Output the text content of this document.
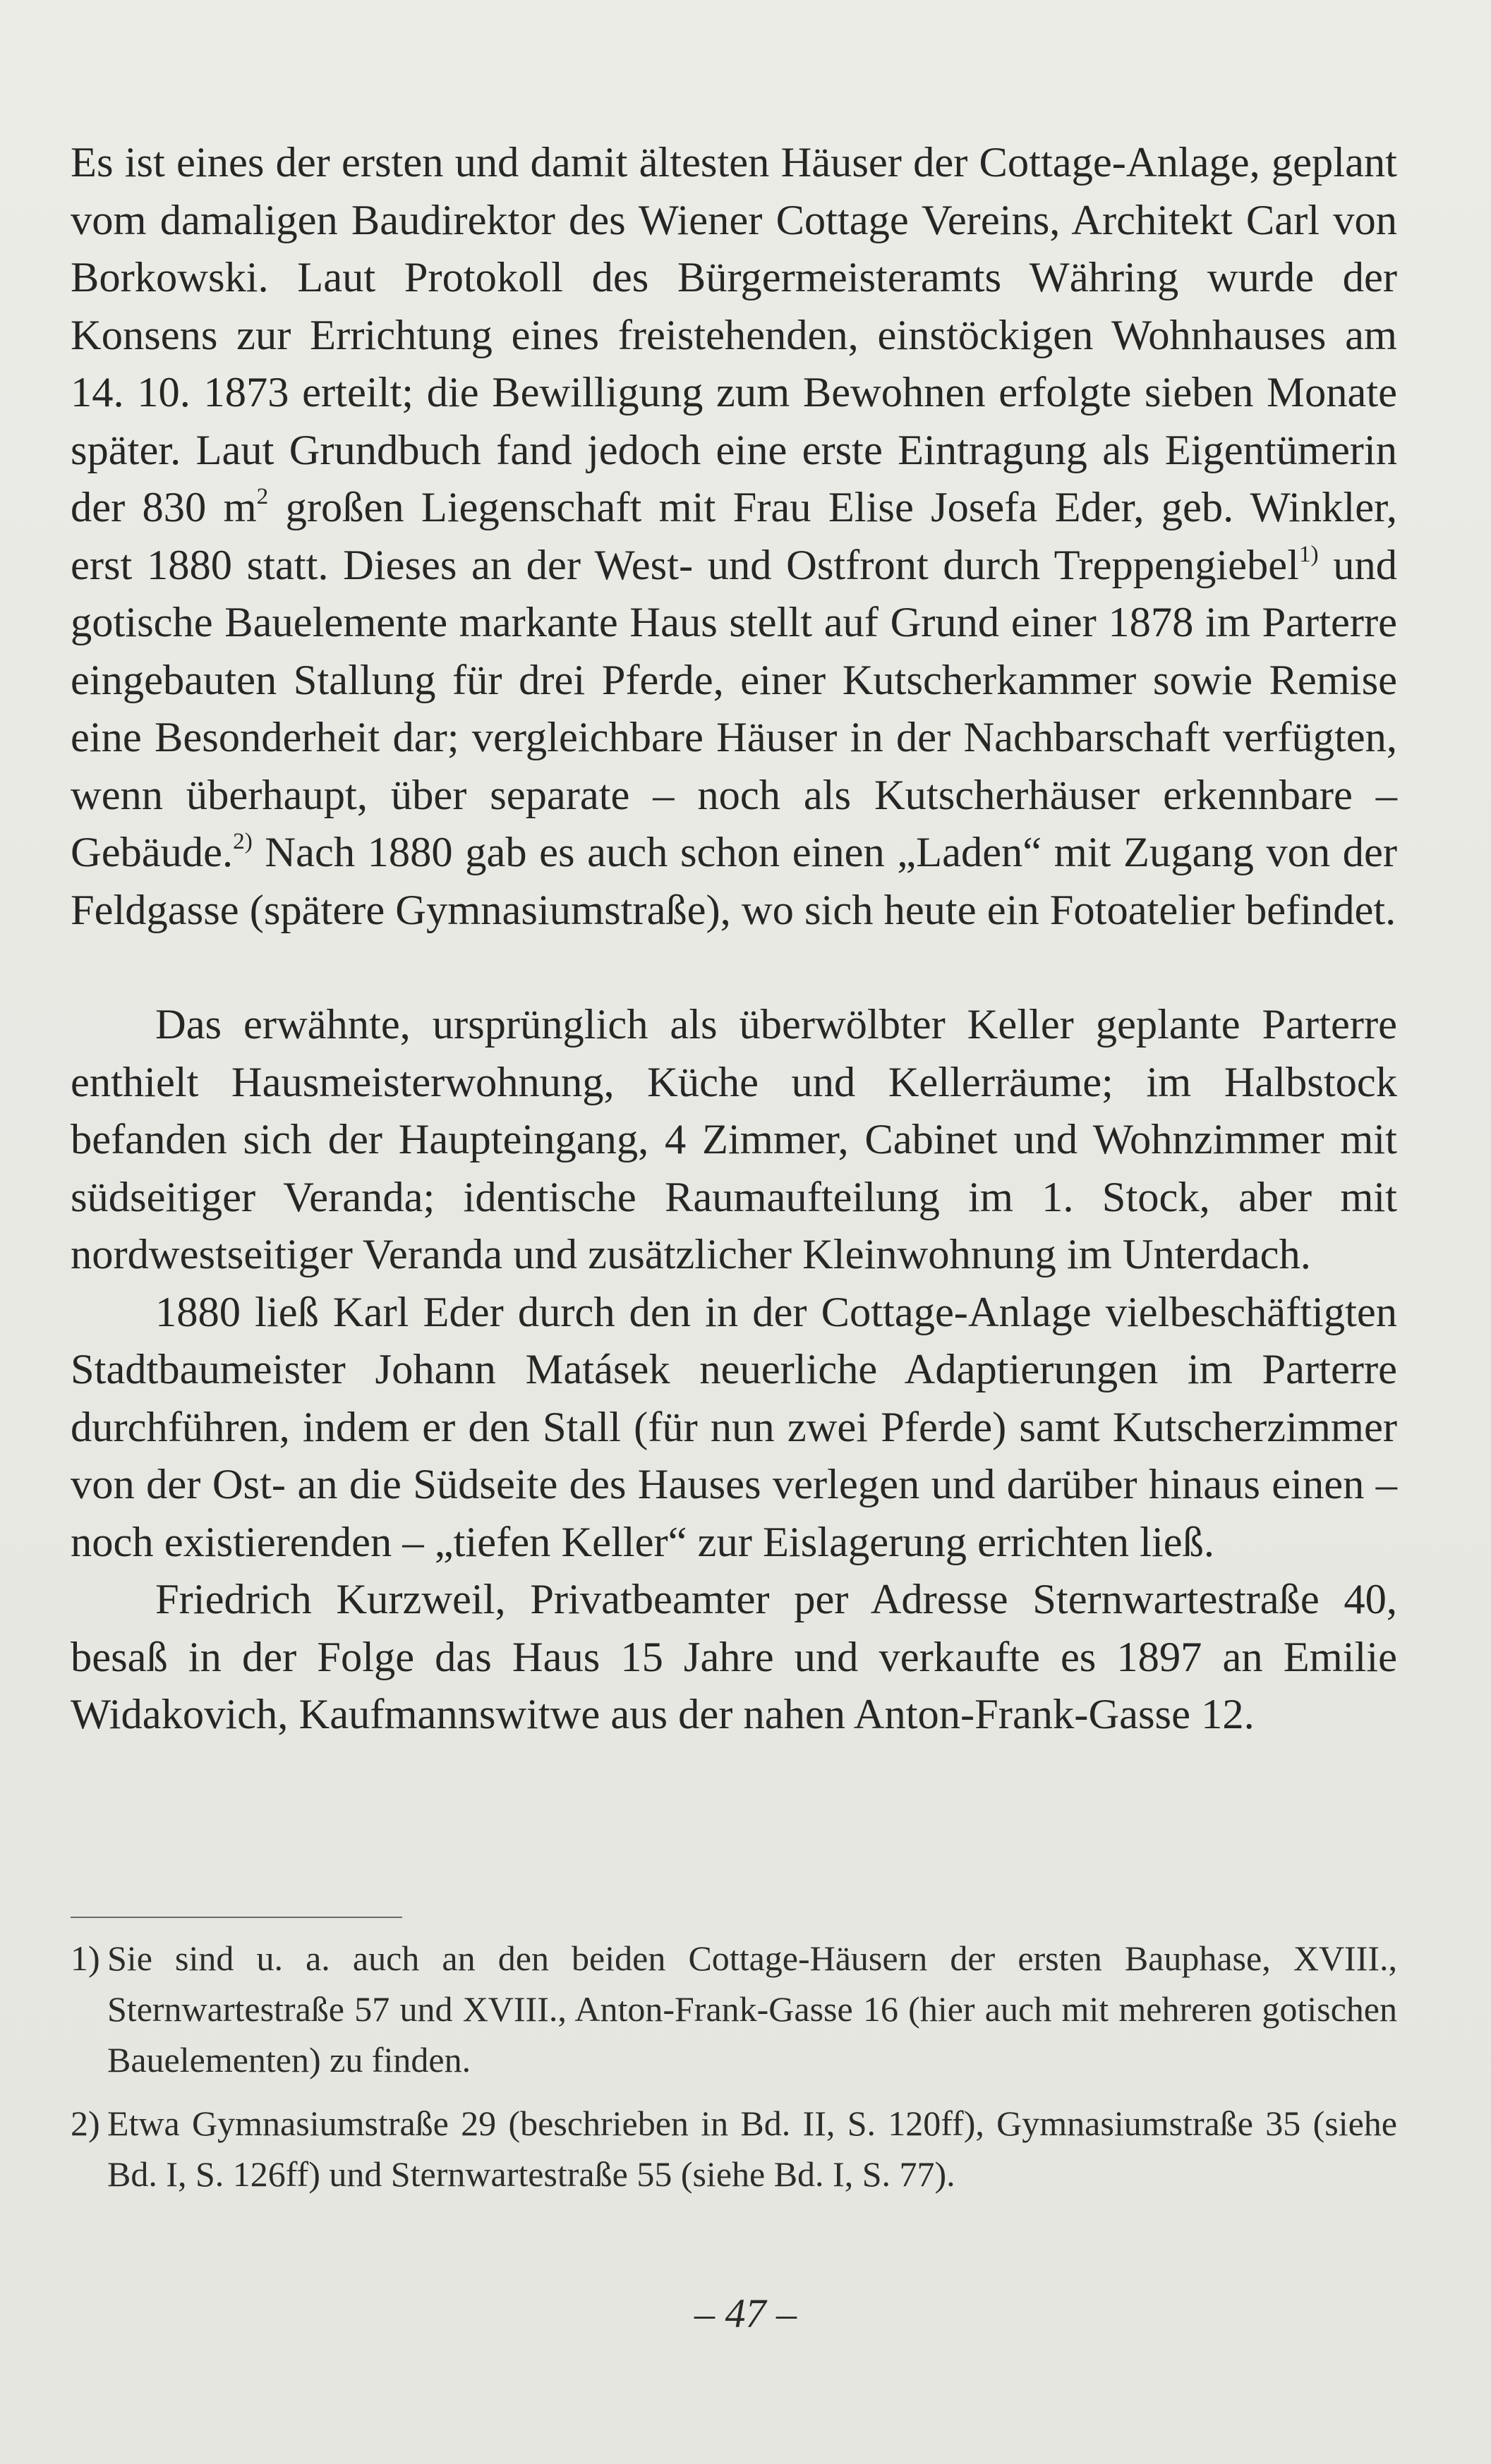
Es ist eines der ersten und damit ältesten Häuser der Cottage-Anlage, geplant vom damaligen Baudirektor des Wiener Cottage Vereins, Architekt Carl von Borkowski. Laut Protokoll des Bürgermeisteramts Währing wurde der Konsens zur Errichtung eines freistehenden, einstöckigen Wohnhauses am 14. 10. 1873 erteilt; die Bewilligung zum Bewohnen erfolgte sieben Monate später. Laut Grundbuch fand jedoch eine erste Eintragung als Eigentümerin der 830 $m^2$ großen Liegenschaft mit Frau Elise Josefa Eder, geb. Winkler, erst 1880 statt. Dieses an der West- und Ostfront durch Treppengiebel$^{1)}$ und gotische Bauelemente markante Haus stellt auf Grund einer 1878 im Parterre eingebauten Stallung für drei Pferde, einer Kutscherkammer sowie Remise eine Besonderheit dar; vergleichbare Häuser in der Nachbarschaft verfügten, wenn überhaupt, über separate – noch als Kutscherhäuser erkennbare – Gebäude.$^{2)}$ Nach 1880 gab es auch schon einen „Laden“ mit Zugang von der Feldgasse (spätere Gymnasiumstraße), wo sich heute ein Fotoatelier befindet.

Das erwähnte, ursprünglich als überwölbter Keller geplante Parterre enthielt Hausmeisterwohnung, Küche und Kellerräume; im Halbstock befanden sich der Haupteingang, 4 Zimmer, Cabinet und Wohnzimmer mit südseitiger Veranda; identische Raumaufteilung im 1. Stock, aber mit nordwestseitiger Veranda und zusätzlicher Kleinwohnung im Unterdach.

1880 ließ Karl Eder durch den in der Cottage-Anlage vielbeschäftigten Stadtbaumeister Johann Matásek neuerliche Adaptierungen im Parterre durchführen, indem er den Stall (für nun zwei Pferde) samt Kutscherzimmer von der Ost- an die Südseite des Hauses verlegen und darüber hinaus einen – noch existierenden – „tiefen Keller“ zur Eislagerung errichten ließ.

Friedrich Kurzweil, Privatbeamter per Adresse Sternwartestraße 40, besaß in der Folge das Haus 15 Jahre und verkaufte es 1897 an Emilie Widakovich, Kaufmannswitwe aus der nahen Anton-Frank-Gasse 12.

1) Sie sind u. a. auch an den beiden Cottage-Häusern der ersten Bauphase, XVIII., Sternwartestraße 57 und XVIII., Anton-Frank-Gasse 16 (hier auch mit mehreren gotischen Bauelementen) zu finden.

2) Etwa Gymnasiumstraße 29 (beschrieben in Bd. II, S. 120ff), Gymnasiumstraße 35 (siehe Bd. I, S. 126ff) und Sternwartestraße 55 (siehe Bd. I, S. 77).

– 47 –
